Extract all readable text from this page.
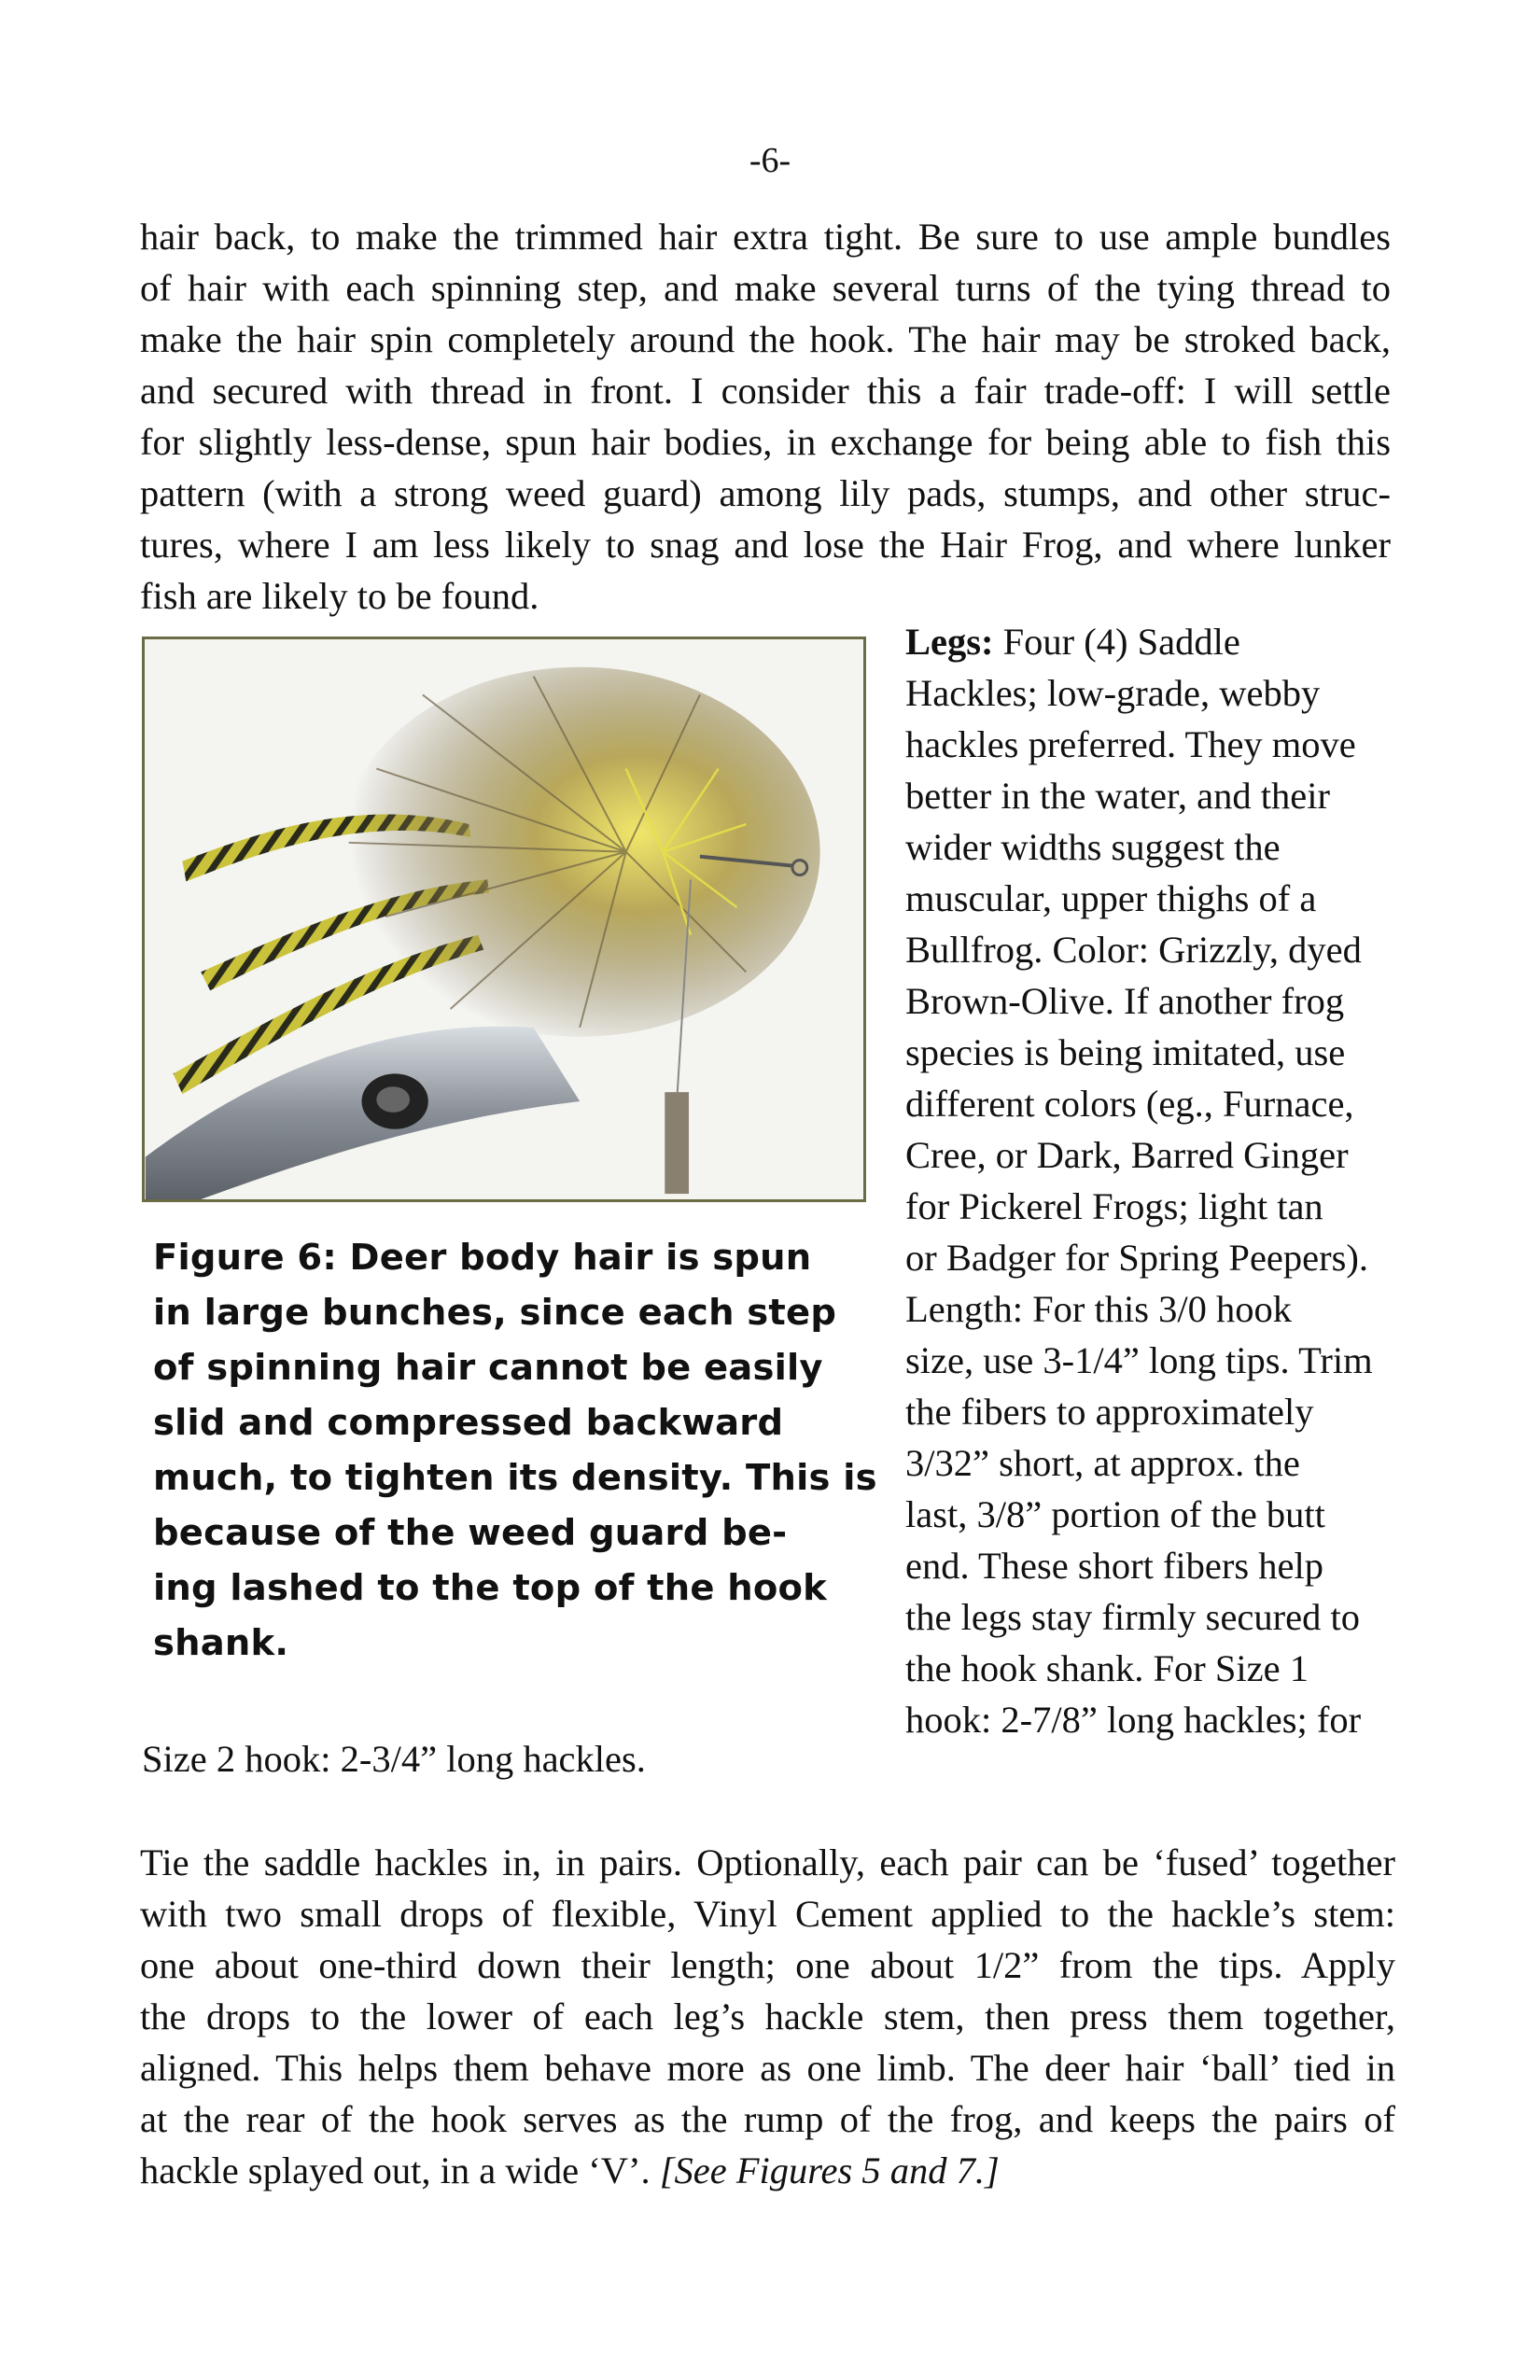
-6-
hair back, to make the trimmed hair extra tight. Be sure to use ample bundles
of hair with each spinning step, and make several turns of the tying thread to
make the hair spin completely around the hook. The hair may be stroked back,
and secured with thread in front. I consider this a fair trade-off: I will settle
for slightly less-dense, spun hair bodies, in exchange for being able to fish this
pattern (with a strong weed guard) among lily pads, stumps, and other struc-
tures, where I am less likely to snag and lose the Hair Frog, and where lunker
fish are likely to be found.
Figure 6: Deer body hair is spun
in large bunches, since each step
of spinning hair cannot be easily
slid and compressed backward
much, to tighten its density. This is
because of the weed guard be-
ing lashed to the top of the hook
shank.
Legs: Four (4) Saddle
Hackles; low-grade, webby
hackles preferred. They move
better in the water, and their
wider widths suggest the
muscular, upper thighs of a
Bullfrog. Color: Grizzly, dyed
Brown-Olive. If another frog
species is being imitated, use
different colors (eg., Furnace,
Cree, or Dark, Barred Ginger
for Pickerel Frogs; light tan
or Badger for Spring Peepers).
Length: For this 3/0 hook
size, use 3-1/4” long tips. Trim
the fibers to approximately
3/32” short, at approx. the
last, 3/8” portion of the butt
end. These short fibers help
the legs stay firmly secured to
the hook shank. For Size 1
hook: 2-7/8” long hackles; for

Size 2 hook: 2-3/4” long hackles.

Tie the saddle hackles in, in pairs. Optionally, each pair can be ‘fused’ together
with two small drops of flexible, Vinyl Cement applied to the hackle’s stem:
one about one-third down their length; one about 1/2” from the tips. Apply
the drops to the lower of each leg’s hackle stem, then press them together,
aligned. This helps them behave more as one limb. The deer hair ‘ball’ tied in
at the rear of the hook serves as the rump of the frog, and keeps the pairs of
hackle splayed out, in a wide ‘V’. [See Figures 5 and 7.]
